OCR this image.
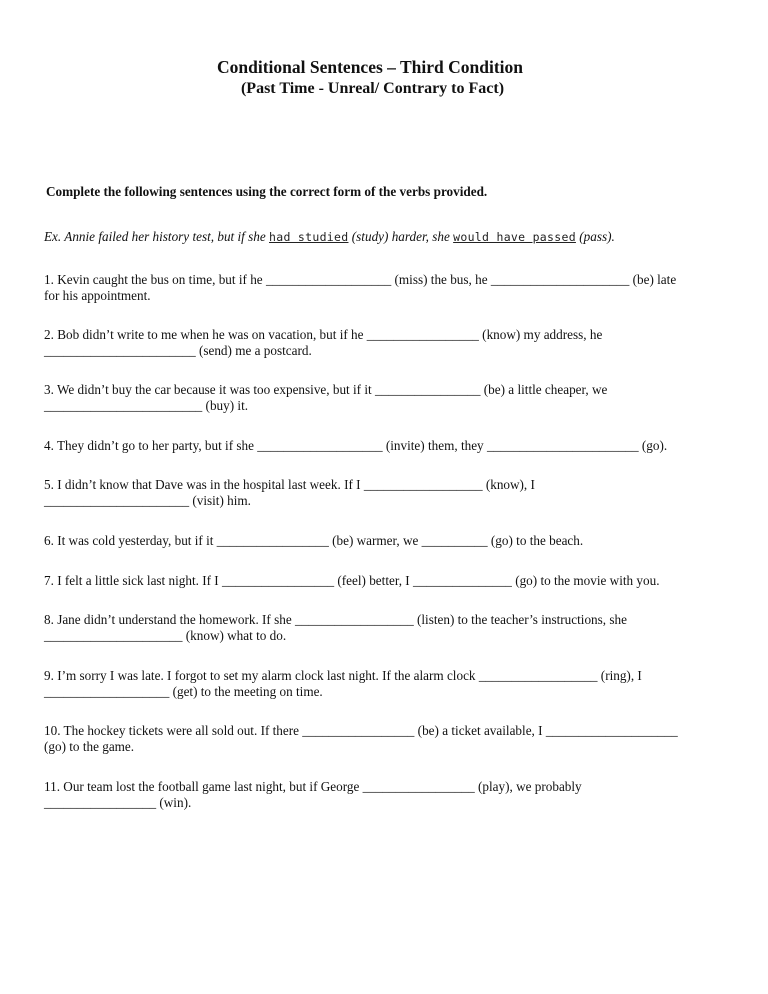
Conditional Sentences – Third Condition
(Past Time - Unreal/ Contrary to Fact)
Complete the following sentences using the correct form of the verbs provided.
Ex. Annie failed her history test, but if she had studied (study) harder, she would have passed (pass).
1. Kevin caught the bus on time, but if he ___________________ (miss) the bus, he _____________________ (be) late
for his appointment.
2. Bob didn’t write to me when he was on vacation, but if he _________________ (know) my address, he
_______________________ (send) me a postcard.
3. We didn’t buy the car because it was too expensive, but if it ________________ (be) a little cheaper, we
________________________ (buy) it.
4. They didn’t go to her party, but if she ___________________ (invite) them, they _______________________ (go).
5. I didn’t know that Dave was in the hospital last week. If I __________________ (know), I
______________________ (visit) him.
6. It was cold yesterday, but if it _________________ (be) warmer, we __________ (go) to the beach.
7. I felt a little sick last night. If I _________________ (feel) better, I _______________ (go) to the movie with you.
8. Jane didn’t understand the homework. If she __________________ (listen) to the teacher’s instructions, she
_____________________ (know) what to do.
9. I’m sorry I was late. I forgot to set my alarm clock last night. If the alarm clock __________________ (ring), I
___________________ (get) to the meeting on time.
10. The hockey tickets were all sold out. If there _________________ (be) a ticket available, I ____________________
(go) to the game.
11. Our team lost the football game last night, but if George _________________ (play), we probably
_________________ (win).
